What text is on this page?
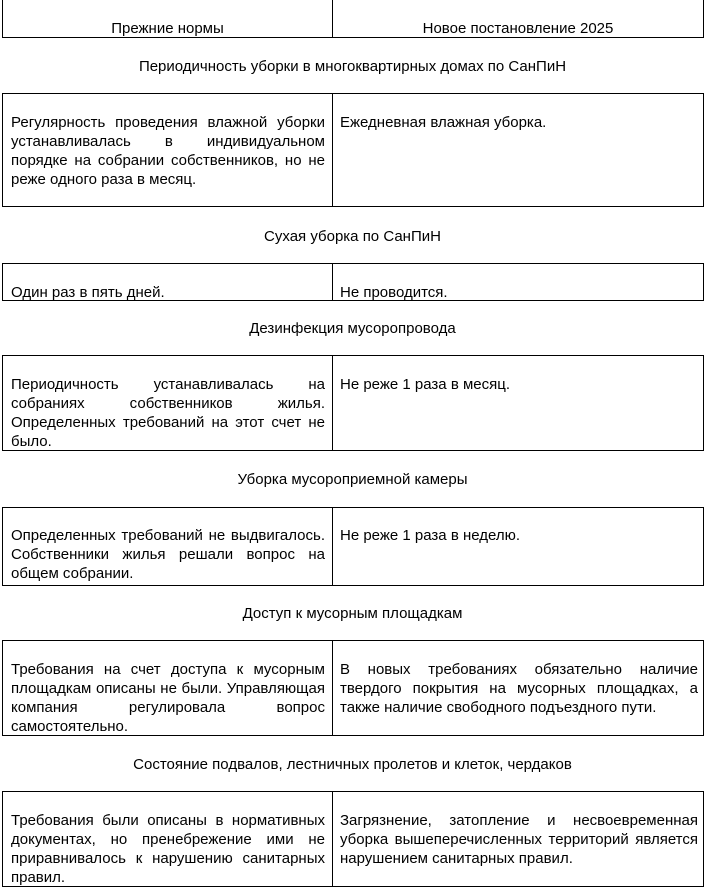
Прежние нормы	Новое постановление 2025
Периодичность уборки в многоквартирных домах по СанПиН
Регулярность проведения влажной уборки устанавливалась в индивидуальном порядке на собрании собственников, но не реже одного раза в месяц.
Ежедневная влажная уборка.
Сухая уборка по СанПиН
Один раз в пять дней.	Не проводится.
Дезинфекция мусоропровода
Периодичность устанавливалась на собраниях собственников жилья. Определенных требований на этот счет не было.
Не реже 1 раза в месяц.
Уборка мусороприемной камеры
Определенных требований не выдвигалось. Собственники жилья решали вопрос на общем собрании.
Не реже 1 раза в неделю.
Доступ к мусорным площадкам
Требования на счет доступа к мусорным площадкам описаны не были. Управляющая компания регулировала вопрос самостоятельно.
В новых требованиях обязательно наличие твердого покрытия на мусорных площадках, а также наличие свободного подъездного пути.
Состояние подвалов, лестничных пролетов и клеток, чердаков
Требования были описаны в нормативных документах, но пренебрежение ими не приравнивалось к нарушению санитарных правил.
Загрязнение, затопление и несвоевременная уборка вышеперечисленных территорий является нарушением санитарных правил.
